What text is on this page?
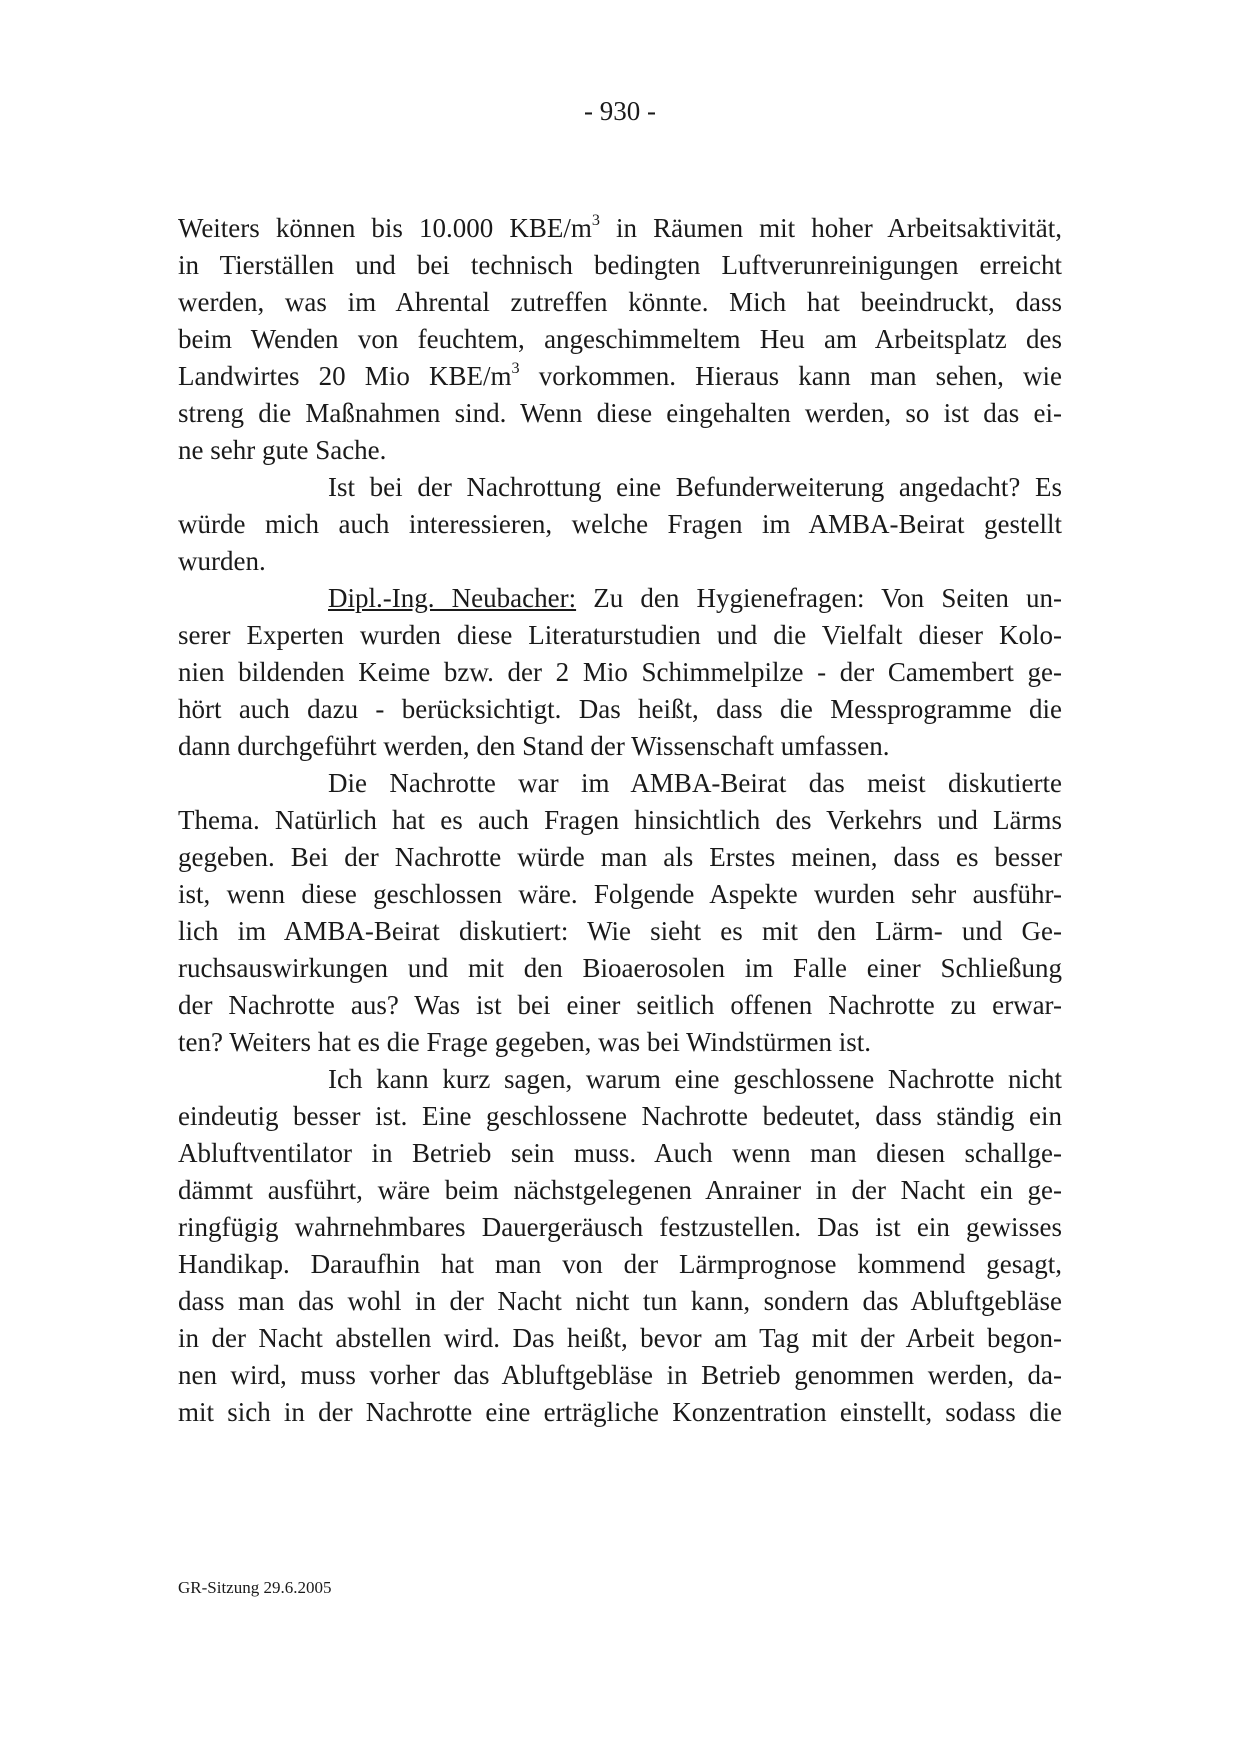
- 930 -
Weiters können bis 10.000 KBE/$m^3$ in Räumen mit hoher Arbeitsaktivität,
in Tierställen und bei technisch bedingten Luftverunreinigungen erreicht
werden, was im Ahrental zutreffen könnte. Mich hat beeindruckt, dass
beim Wenden von feuchtem, angeschimmeltem Heu am Arbeitsplatz des
Landwirtes 20 Mio KBE/$m^3$ vorkommen. Hieraus kann man sehen, wie
streng die Maßnahmen sind. Wenn diese eingehalten werden, so ist das ei-
ne sehr gute Sache.
Ist bei der Nachrottung eine Befunderweiterung angedacht? Es
würde mich auch interessieren, welche Fragen im AMBA-Beirat gestellt
wurden.
Dipl.-Ing. Neubacher: Zu den Hygienefragen: Von Seiten un-
serer Experten wurden diese Literaturstudien und die Vielfalt dieser Kolo-
nien bildenden Keime bzw. der 2 Mio Schimmelpilze - der Camembert ge-
hört auch dazu - berücksichtigt. Das heißt, dass die Messprogramme die
dann durchgeführt werden, den Stand der Wissenschaft umfassen.
Die Nachrotte war im AMBA-Beirat das meist diskutierte
Thema. Natürlich hat es auch Fragen hinsichtlich des Verkehrs und Lärms
gegeben. Bei der Nachrotte würde man als Erstes meinen, dass es besser
ist, wenn diese geschlossen wäre. Folgende Aspekte wurden sehr ausführ-
lich im AMBA-Beirat diskutiert: Wie sieht es mit den Lärm- und Ge-
ruchsauswirkungen und mit den Bioaerosolen im Falle einer Schließung
der Nachrotte aus? Was ist bei einer seitlich offenen Nachrotte zu erwar-
ten? Weiters hat es die Frage gegeben, was bei Windstürmen ist.
Ich kann kurz sagen, warum eine geschlossene Nachrotte nicht
eindeutig besser ist. Eine geschlossene Nachrotte bedeutet, dass ständig ein
Abluftventilator in Betrieb sein muss. Auch wenn man diesen schallge-
dämmt ausführt, wäre beim nächstgelegenen Anrainer in der Nacht ein ge-
ringfügig wahrnehmbares Dauergeräusch festzustellen. Das ist ein gewisses
Handikap. Daraufhin hat man von der Lärmprognose kommend gesagt,
dass man das wohl in der Nacht nicht tun kann, sondern das Abluftgebläse
in der Nacht abstellen wird. Das heißt, bevor am Tag mit der Arbeit begon-
nen wird, muss vorher das Abluftgebläse in Betrieb genommen werden, da-
mit sich in der Nachrotte eine erträgliche Konzentration einstellt, sodass die
GR-Sitzung 29.6.2005
